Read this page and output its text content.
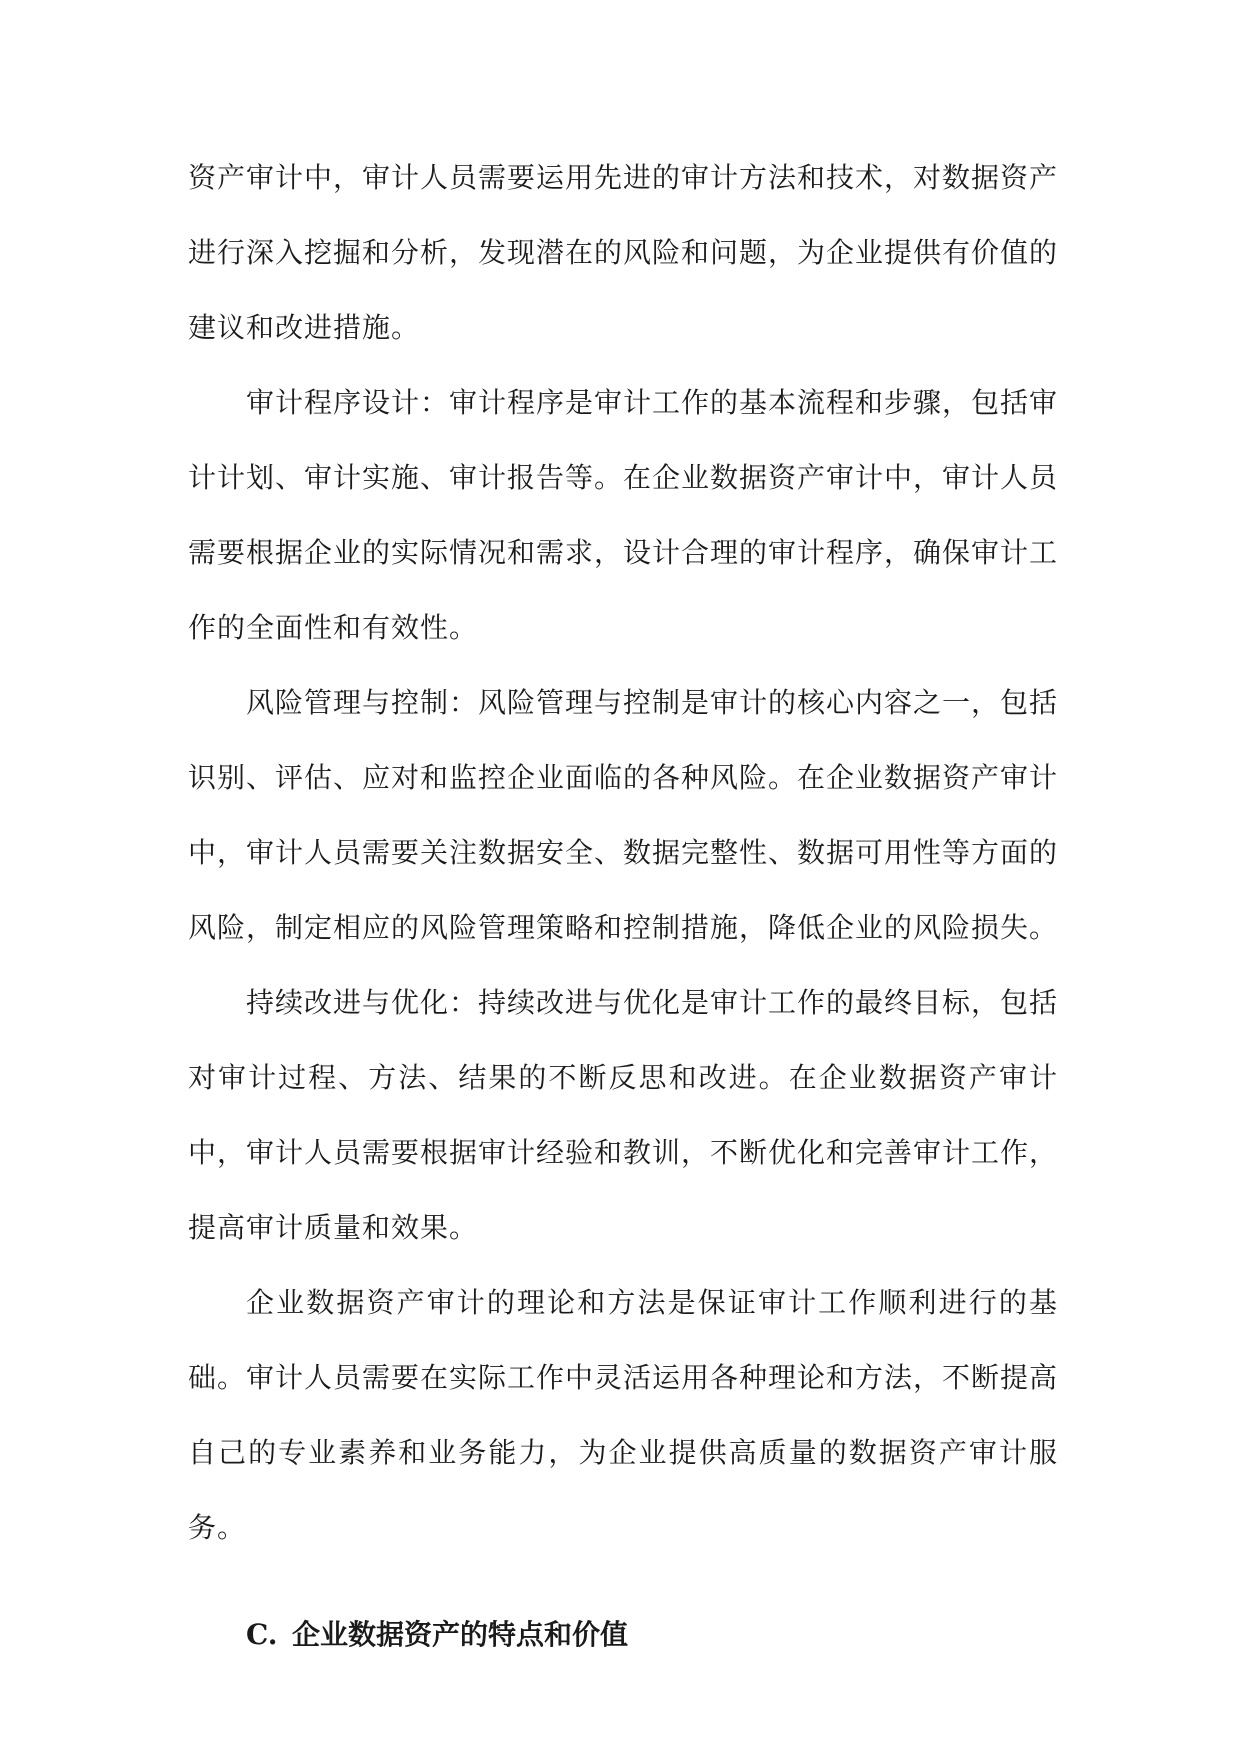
资产审计中，审计人员需要运用先进的审计方法和技术，对数据资产进行深入挖掘和分析，发现潜在的风险和问题，为企业提供有价值的建议和改进措施。

审计程序设计：审计程序是审计工作的基本流程和步骤，包括审计计划、审计实施、审计报告等。在企业数据资产审计中，审计人员需要根据企业的实际情况和需求，设计合理的审计程序，确保审计工作的全面性和有效性。

风险管理与控制：风险管理与控制是审计的核心内容之一，包括识别、评估、应对和监控企业面临的各种风险。在企业数据资产审计中，审计人员需要关注数据安全、数据完整性、数据可用性等方面的风险，制定相应的风险管理策略和控制措施，降低企业的风险损失。

持续改进与优化：持续改进与优化是审计工作的最终目标，包括对审计过程、方法、结果的不断反思和改进。在企业数据资产审计中，审计人员需要根据审计经验和教训，不断优化和完善审计工作，提高审计质量和效果。

企业数据资产审计的理论和方法是保证审计工作顺利进行的基础。审计人员需要在实际工作中灵活运用各种理论和方法，不断提高自己的专业素养和业务能力，为企业提供高质量的数据资产审计服务。

C. 企业数据资产的特点和价值
